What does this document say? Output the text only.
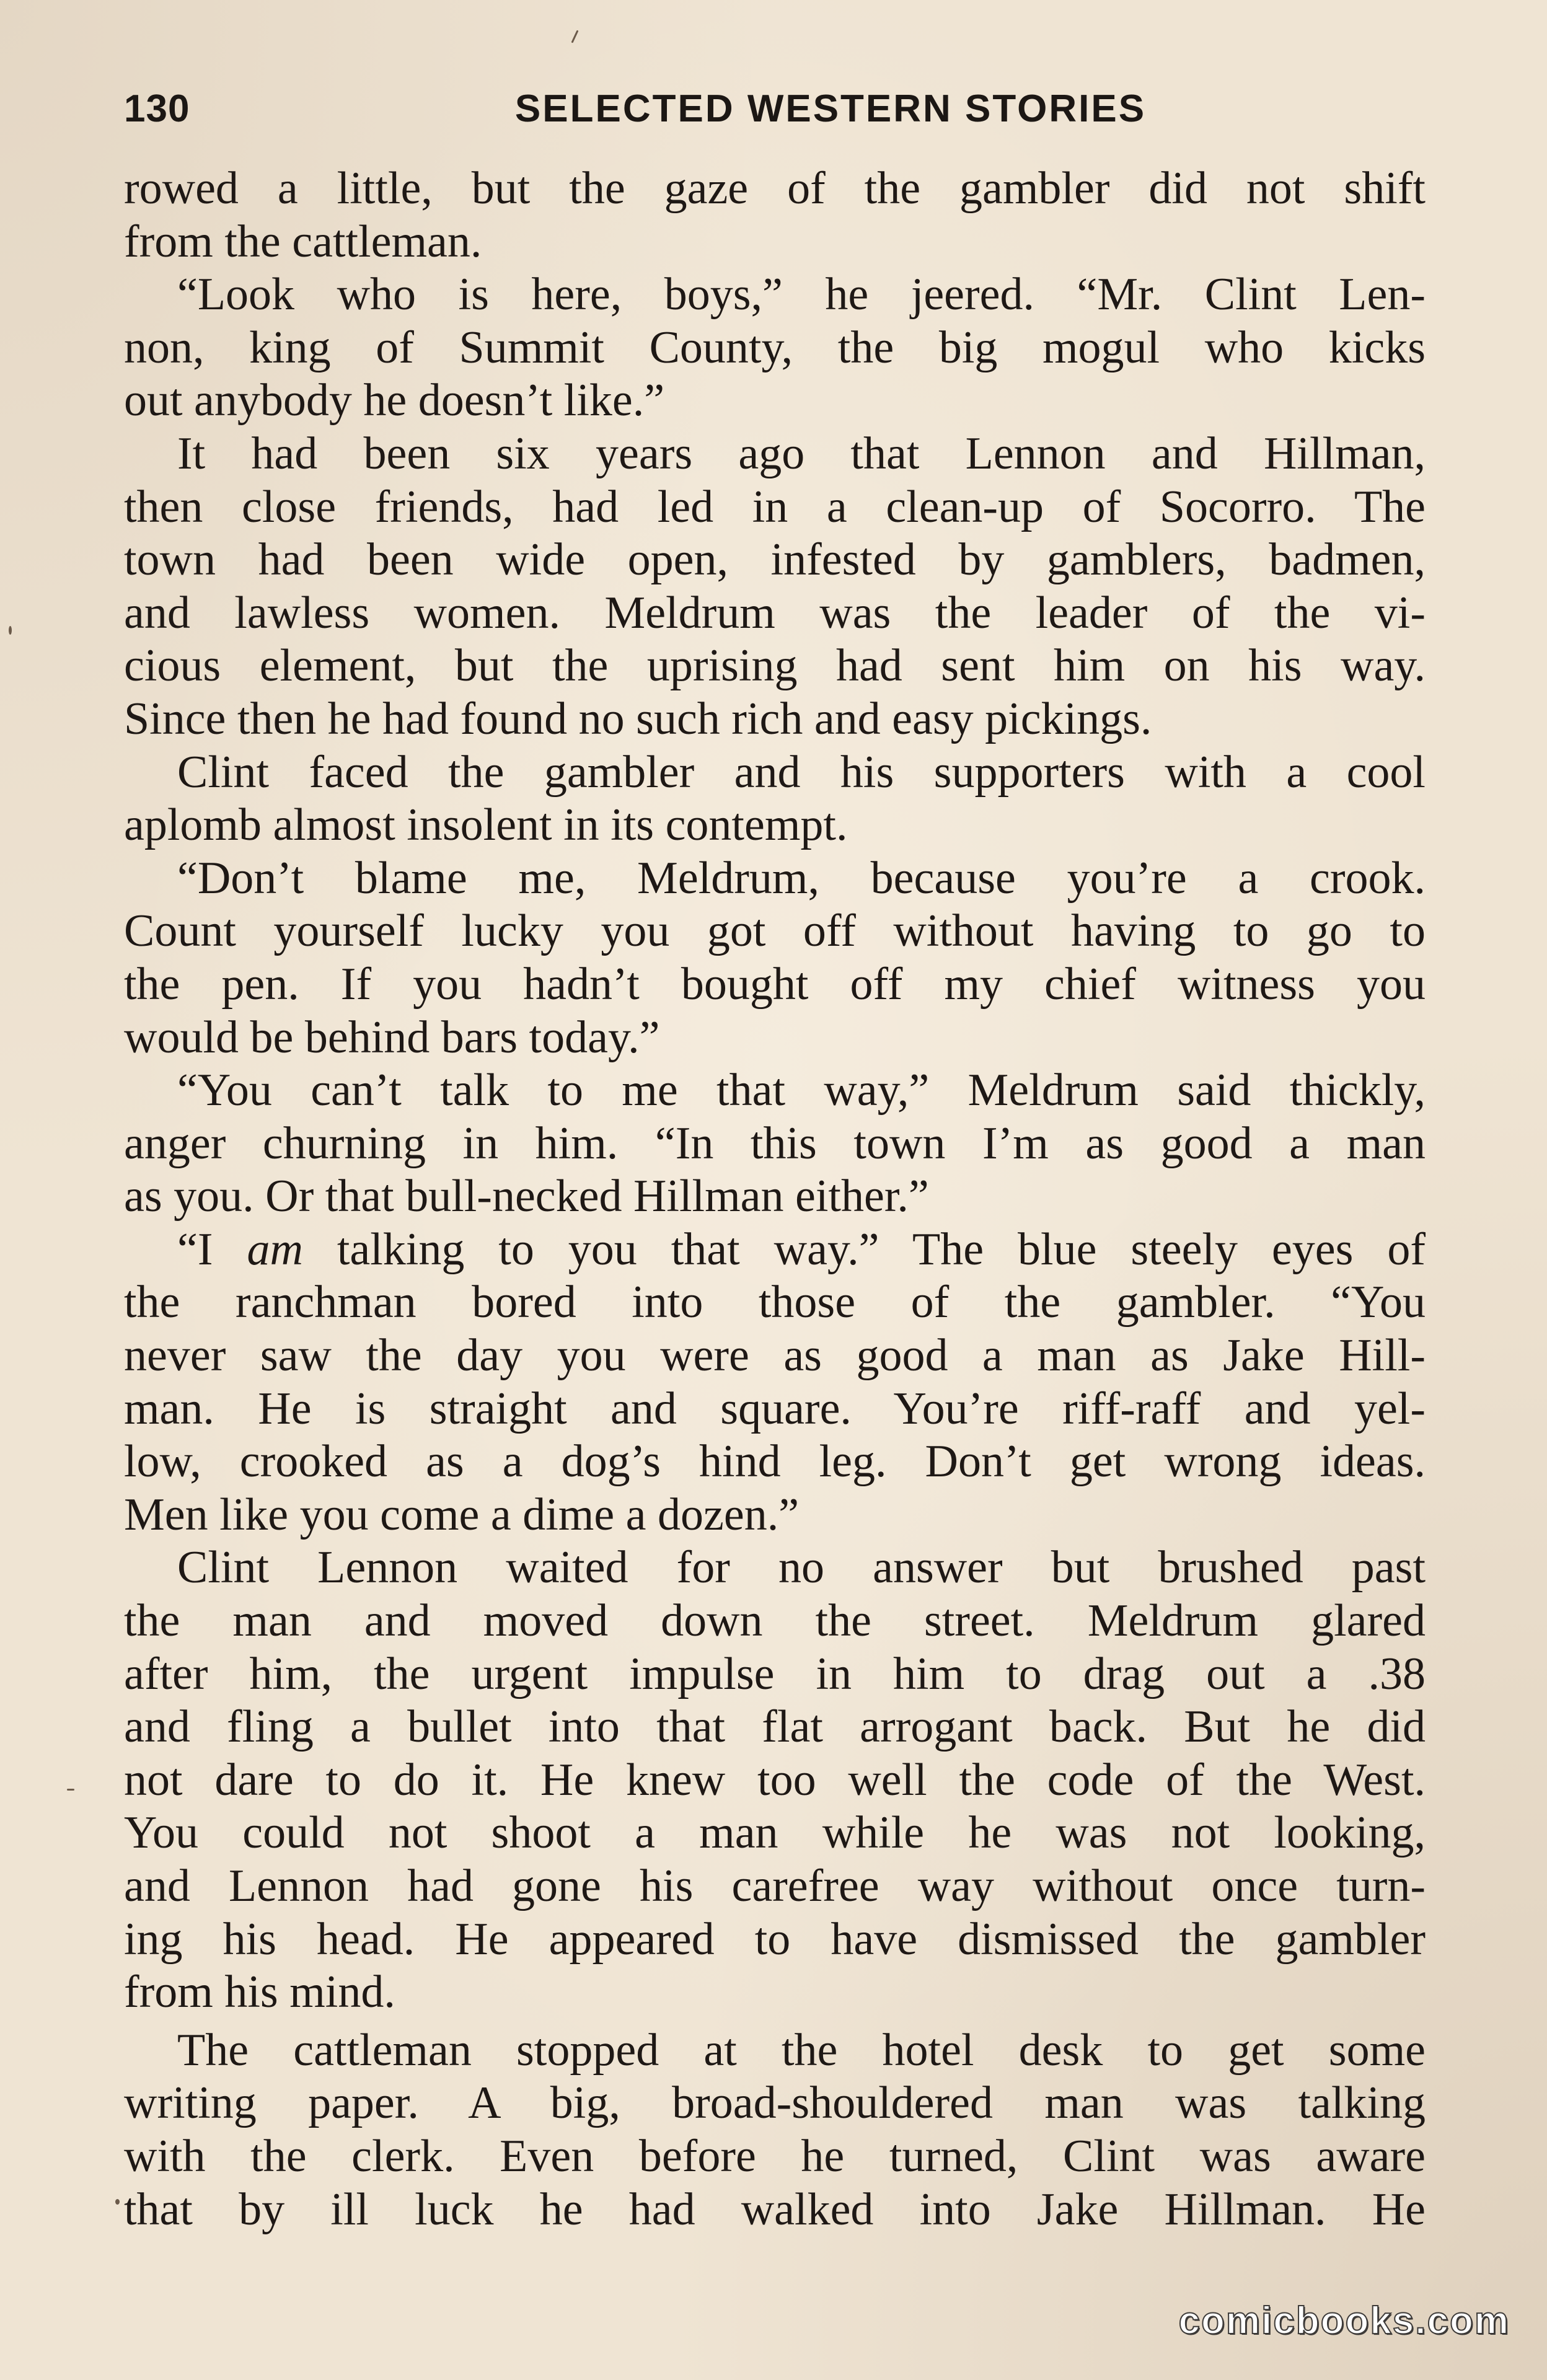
130	SELECTED WESTERN STORIES
rowed a little, but the gaze of the gambler did not shift
from the cattleman.
“Look who is here, boys,” he jeered. “Mr. Clint Len-
non, king of Summit County, the big mogul who kicks
out anybody he doesn’t like.”
It had been six years ago that Lennon and Hillman,
then close friends, had led in a clean-up of Socorro. The
town had been wide open, infested by gamblers, badmen,
and lawless women. Meldrum was the leader of the vi-
cious element, but the uprising had sent him on his way.
Since then he had found no such rich and easy pickings.
Clint faced the gambler and his supporters with a cool
aplomb almost insolent in its contempt.
“Don’t blame me, Meldrum, because you’re a crook.
Count yourself lucky you got off without having to go to
the pen. If you hadn’t bought off my chief witness you
would be behind bars today.”
“You can’t talk to me that way,” Meldrum said thickly,
anger churning in him. “In this town I’m as good a man
as you. Or that bull-necked Hillman either.”
“I am talking to you that way.” The blue steely eyes of
the ranchman bored into those of the gambler. “You
never saw the day you were as good a man as Jake Hill-
man. He is straight and square. You’re riff-raff and yel-
low, crooked as a dog’s hind leg. Don’t get wrong ideas.
Men like you come a dime a dozen.”
Clint Lennon waited for no answer but brushed past
the man and moved down the street. Meldrum glared
after him, the urgent impulse in him to drag out a .38
and fling a bullet into that flat arrogant back. But he did
not dare to do it. He knew too well the code of the West.
You could not shoot a man while he was not looking,
and Lennon had gone his carefree way without once turn-
ing his head. He appeared to have dismissed the gambler
from his mind.
The cattleman stopped at the hotel desk to get some
writing paper. A big, broad-shouldered man was talking
with the clerk. Even before he turned, Clint was aware
that by ill luck he had walked into Jake Hillman. He
comicbooks.com
